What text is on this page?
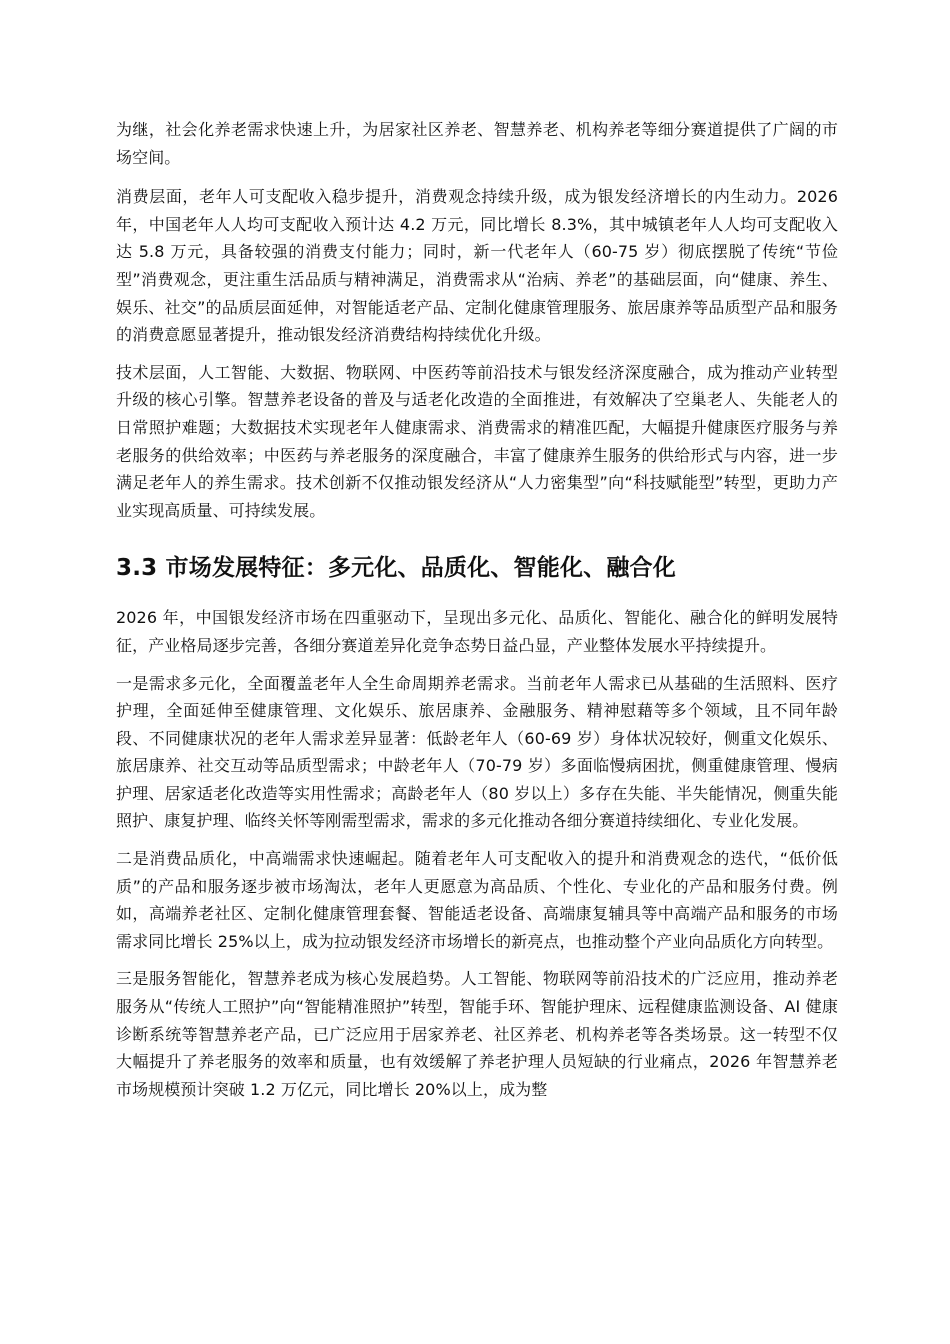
为继，社会化养老需求快速上升，为居家社区养老、智慧养老、机构养老等细分赛道提供了广阔的市场空间。

消费层面，老年人可支配收入稳步提升，消费观念持续升级，成为银发经济增长的内生动力。2026 年，中国老年人人均可支配收入预计达 4.2 万元，同比增长 8.3%，其中城镇老年人人均可支配收入达 5.8 万元，具备较强的消费支付能力；同时，新一代老年人（60-75 岁）彻底摆脱了传统“节俭型”消费观念，更注重生活品质与精神满足，消费需求从“治病、养老”的基础层面，向“健康、养生、娱乐、社交”的品质层面延伸，对智能适老产品、定制化健康管理服务、旅居康养等品质型产品和服务的消费意愿显著提升，推动银发经济消费结构持续优化升级。

技术层面，人工智能、大数据、物联网、中医药等前沿技术与银发经济深度融合，成为推动产业转型升级的核心引擎。智慧养老设备的普及与适老化改造的全面推进，有效解决了空巢老人、失能老人的日常照护难题；大数据技术实现老年人健康需求、消费需求的精准匹配，大幅提升健康医疗服务与养老服务的供给效率；中医药与养老服务的深度融合，丰富了健康养生服务的供给形式与内容，进一步满足老年人的养生需求。技术创新不仅推动银发经济从“人力密集型”向“科技赋能型”转型，更助力产业实现高质量、可持续发展。

3.3 市场发展特征：多元化、品质化、智能化、融合化

2026 年，中国银发经济市场在四重驱动下，呈现出多元化、品质化、智能化、融合化的鲜明发展特征，产业格局逐步完善，各细分赛道差异化竞争态势日益凸显，产业整体发展水平持续提升。

一是需求多元化，全面覆盖老年人全生命周期养老需求。当前老年人需求已从基础的生活照料、医疗护理，全面延伸至健康管理、文化娱乐、旅居康养、金融服务、精神慰藉等多个领域，且不同年龄段、不同健康状况的老年人需求差异显著：低龄老年人（60-69 岁）身体状况较好，侧重文化娱乐、旅居康养、社交互动等品质型需求；中龄老年人（70-79 岁）多面临慢病困扰，侧重健康管理、慢病护理、居家适老化改造等实用性需求；高龄老年人（80 岁以上）多存在失能、半失能情况，侧重失能照护、康复护理、临终关怀等刚需型需求，需求的多元化推动各细分赛道持续细化、专业化发展。

二是消费品质化，中高端需求快速崛起。随着老年人可支配收入的提升和消费观念的迭代，“低价低质”的产品和服务逐步被市场淘汰，老年人更愿意为高品质、个性化、专业化的产品和服务付费。例如，高端养老社区、定制化健康管理套餐、智能适老设备、高端康复辅具等中高端产品和服务的市场需求同比增长 25%以上，成为拉动银发经济市场增长的新亮点，也推动整个产业向品质化方向转型。

三是服务智能化，智慧养老成为核心发展趋势。人工智能、物联网等前沿技术的广泛应用，推动养老服务从“传统人工照护”向“智能精准照护”转型，智能手环、智能护理床、远程健康监测设备、AI 健康诊断系统等智慧养老产品，已广泛应用于居家养老、社区养老、机构养老等各类场景。这一转型不仅大幅提升了养老服务的效率和质量，也有效缓解了养老护理人员短缺的行业痛点，2026 年智慧养老市场规模预计突破 1.2 万亿元，同比增长 20%以上，成为整
